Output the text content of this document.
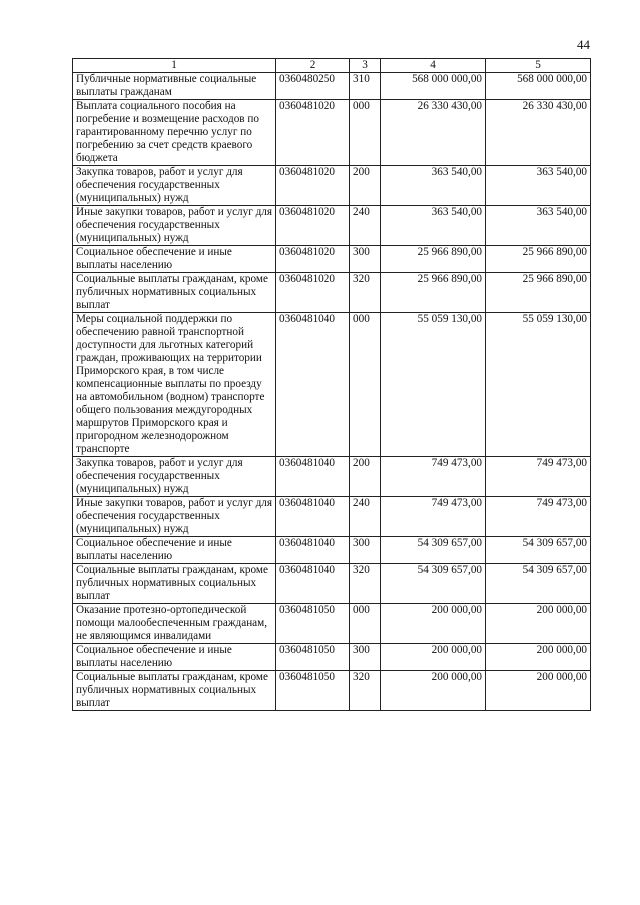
44
1	2	3	4	5
Публичные нормативные социальные выплаты гражданам	0360480250	310	568 000 000,00	568 000 000,00
Выплата социального пособия на погребение и возмещение расходов по гарантированному перечню услуг по погребению за счет средств краевого бюджета	0360481020	000	26 330 430,00	26 330 430,00
Закупка товаров, работ и услуг для обеспечения государственных (муниципальных) нужд	0360481020	200	363 540,00	363 540,00
Иные закупки товаров, работ и услуг для обеспечения государственных (муниципальных) нужд	0360481020	240	363 540,00	363 540,00
Социальное обеспечение и иные выплаты населению	0360481020	300	25 966 890,00	25 966 890,00
Социальные выплаты гражданам, кроме публичных нормативных социальных выплат	0360481020	320	25 966 890,00	25 966 890,00
Меры социальной поддержки по обеспечению равной транспортной доступности для льготных категорий граждан, проживающих на территории Приморского края, в том числе компенсационные выплаты по проезду на автомобильном (водном) транспорте общего пользования междугородных маршрутов Приморского края и пригородном железнодорожном транспорте	0360481040	000	55 059 130,00	55 059 130,00
Закупка товаров, работ и услуг для обеспечения государственных (муниципальных) нужд	0360481040	200	749 473,00	749 473,00
Иные закупки товаров, работ и услуг для обеспечения государственных (муниципальных) нужд	0360481040	240	749 473,00	749 473,00
Социальное обеспечение и иные выплаты населению	0360481040	300	54 309 657,00	54 309 657,00
Социальные выплаты гражданам, кроме публичных нормативных социальных выплат	0360481040	320	54 309 657,00	54 309 657,00
Оказание протезно-ортопедической помощи малообеспеченным гражданам, не являющимся инвалидами	0360481050	000	200 000,00	200 000,00
Социальное обеспечение и иные выплаты населению	0360481050	300	200 000,00	200 000,00
Социальные выплаты гражданам, кроме публичных нормативных социальных выплат	0360481050	320	200 000,00	200 000,00
